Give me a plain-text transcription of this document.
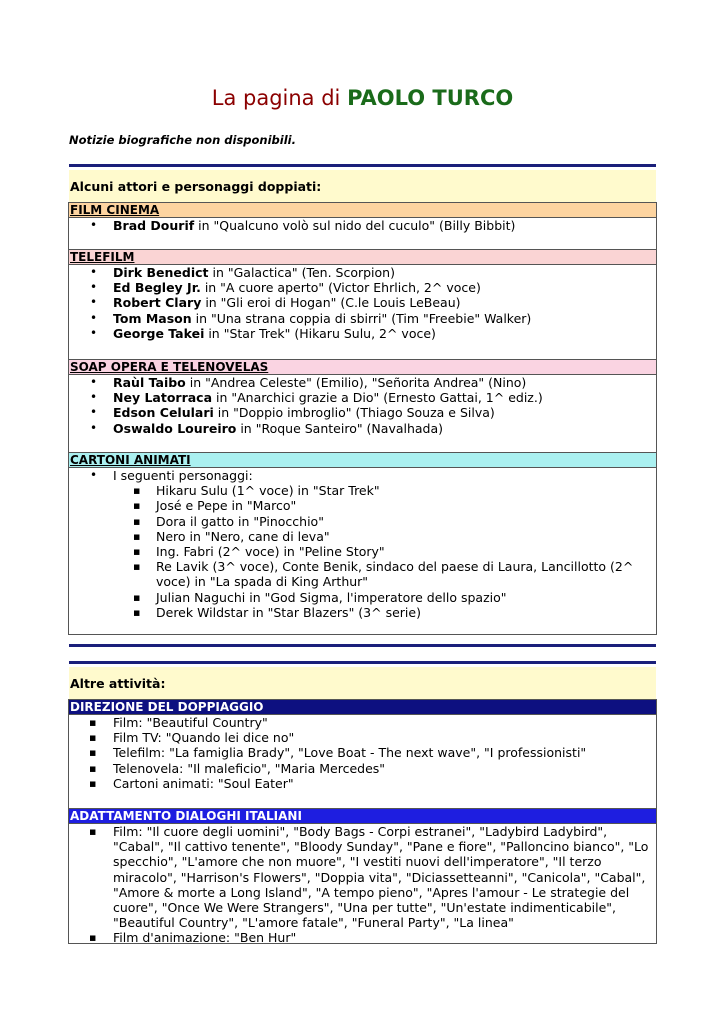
La pagina di PAOLO TURCO
Notizie biografiche non disponibili.
Alcuni attori e personaggi doppiati:
FILM CINEMA
• Brad Dourif in "Qualcuno volò sul nido del cuculo" (Billy Bibbit)
TELEFILM
• Dirk Benedict in "Galactica" (Ten. Scorpion)
• Ed Begley Jr. in "A cuore aperto" (Victor Ehrlich, 2^ voce)
• Robert Clary in "Gli eroi di Hogan" (C.le Louis LeBeau)
• Tom Mason in "Una strana coppia di sbirri" (Tim "Freebie" Walker)
• George Takei in "Star Trek" (Hikaru Sulu, 2^ voce)
SOAP OPERA E TELENOVELAS
• Raùl Taibo in "Andrea Celeste" (Emilio), "Señorita Andrea" (Nino)
• Ney Latorraca in "Anarchici grazie a Dio" (Ernesto Gattai, 1^ ediz.)
• Edson Celulari in "Doppio imbroglio" (Thiago Souza e Silva)
• Oswaldo Loureiro in "Roque Santeiro" (Navalhada)
CARTONI ANIMATI
• I seguenti personaggi:
▪ Hikaru Sulu (1^ voce) in "Star Trek"
▪ José e Pepe in "Marco"
▪ Dora il gatto in "Pinocchio"
▪ Nero in "Nero, cane di leva"
▪ Ing. Fabri (2^ voce) in "Peline Story"
▪ Re Lavik (3^ voce), Conte Benik, sindaco del paese di Laura, Lancillotto (2^
voce) in "La spada di King Arthur"
▪ Julian Naguchi in "God Sigma, l'imperatore dello spazio"
▪ Derek Wildstar in "Star Blazers" (3^ serie)
Altre attività:
DIREZIONE DEL DOPPIAGGIO
▪ Film: "Beautiful Country"
▪ Film TV: "Quando lei dice no"
▪ Telefilm: "La famiglia Brady", "Love Boat - The next wave", "I professionisti"
▪ Telenovela: "Il maleficio", "Maria Mercedes"
▪ Cartoni animati: "Soul Eater"
ADATTAMENTO DIALOGHI ITALIANI
▪ Film: "Il cuore degli uomini", "Body Bags - Corpi estranei", "Ladybird Ladybird",
"Cabal", "Il cattivo tenente", "Bloody Sunday", "Pane e fiore", "Palloncino bianco", "Lo
specchio", "L'amore che non muore", "I vestiti nuovi dell'imperatore", "Il terzo
miracolo", "Harrison's Flowers", "Doppia vita", "Diciassetteanni", "Canicola", "Cabal",
"Amore & morte a Long Island", "A tempo pieno", "Apres l'amour - Le strategie del
cuore", "Once We Were Strangers", "Una per tutte", "Un'estate indimenticabile",
"Beautiful Country", "L'amore fatale", "Funeral Party", "La linea"
▪ Film d'animazione: "Ben Hur"
